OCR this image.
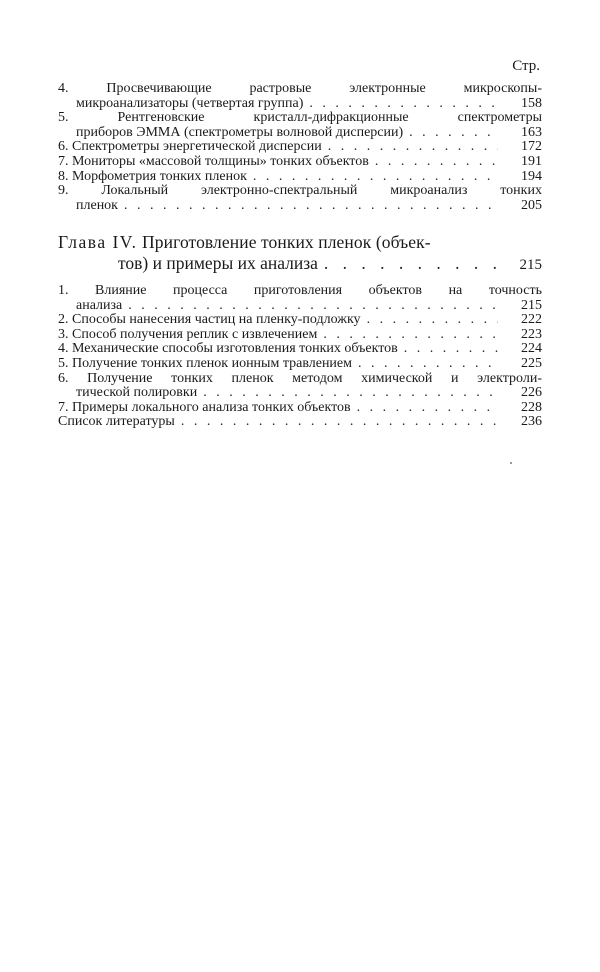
Стр.
4.	Просвечивающие	растровые	электронные	микроскопы-
микроанализаторы (четвертая группа) . . .	158
5.	Рентгеновские	кристалл-дифракционные	спектрометры
приборов ЭММА (спектрометры волновой дисперсии) . . .	163
6. Спектрометры энергетической дисперсии . . .	172
7. Мониторы «массовой толщины» тонких объектов . . .	191
8. Морфометрия тонких пленок . . .	194
9. Локальный электронно-спектральный микроанализ тонких
пленок . . .	205
Глава IV. Приготовление тонких пленок (объек-
тов) и примеры их анализа . . .	215
1. Влияние процесса приготовления объектов на точность
анализа . . .	215
2. Способы нанесения частиц на пленку-подложку . . .	222
3. Способ получения реплик с извлечением . . .	223
4. Механические способы изготовления тонких объектов . . .	224
5. Получение тонких пленок ионным травлением . . .	225
6. Получение тонких пленок методом химической и электроли-
тической полировки . . .	226
7. Примеры локального анализа тонких объектов . . .	228
Список литературы . . .	236
